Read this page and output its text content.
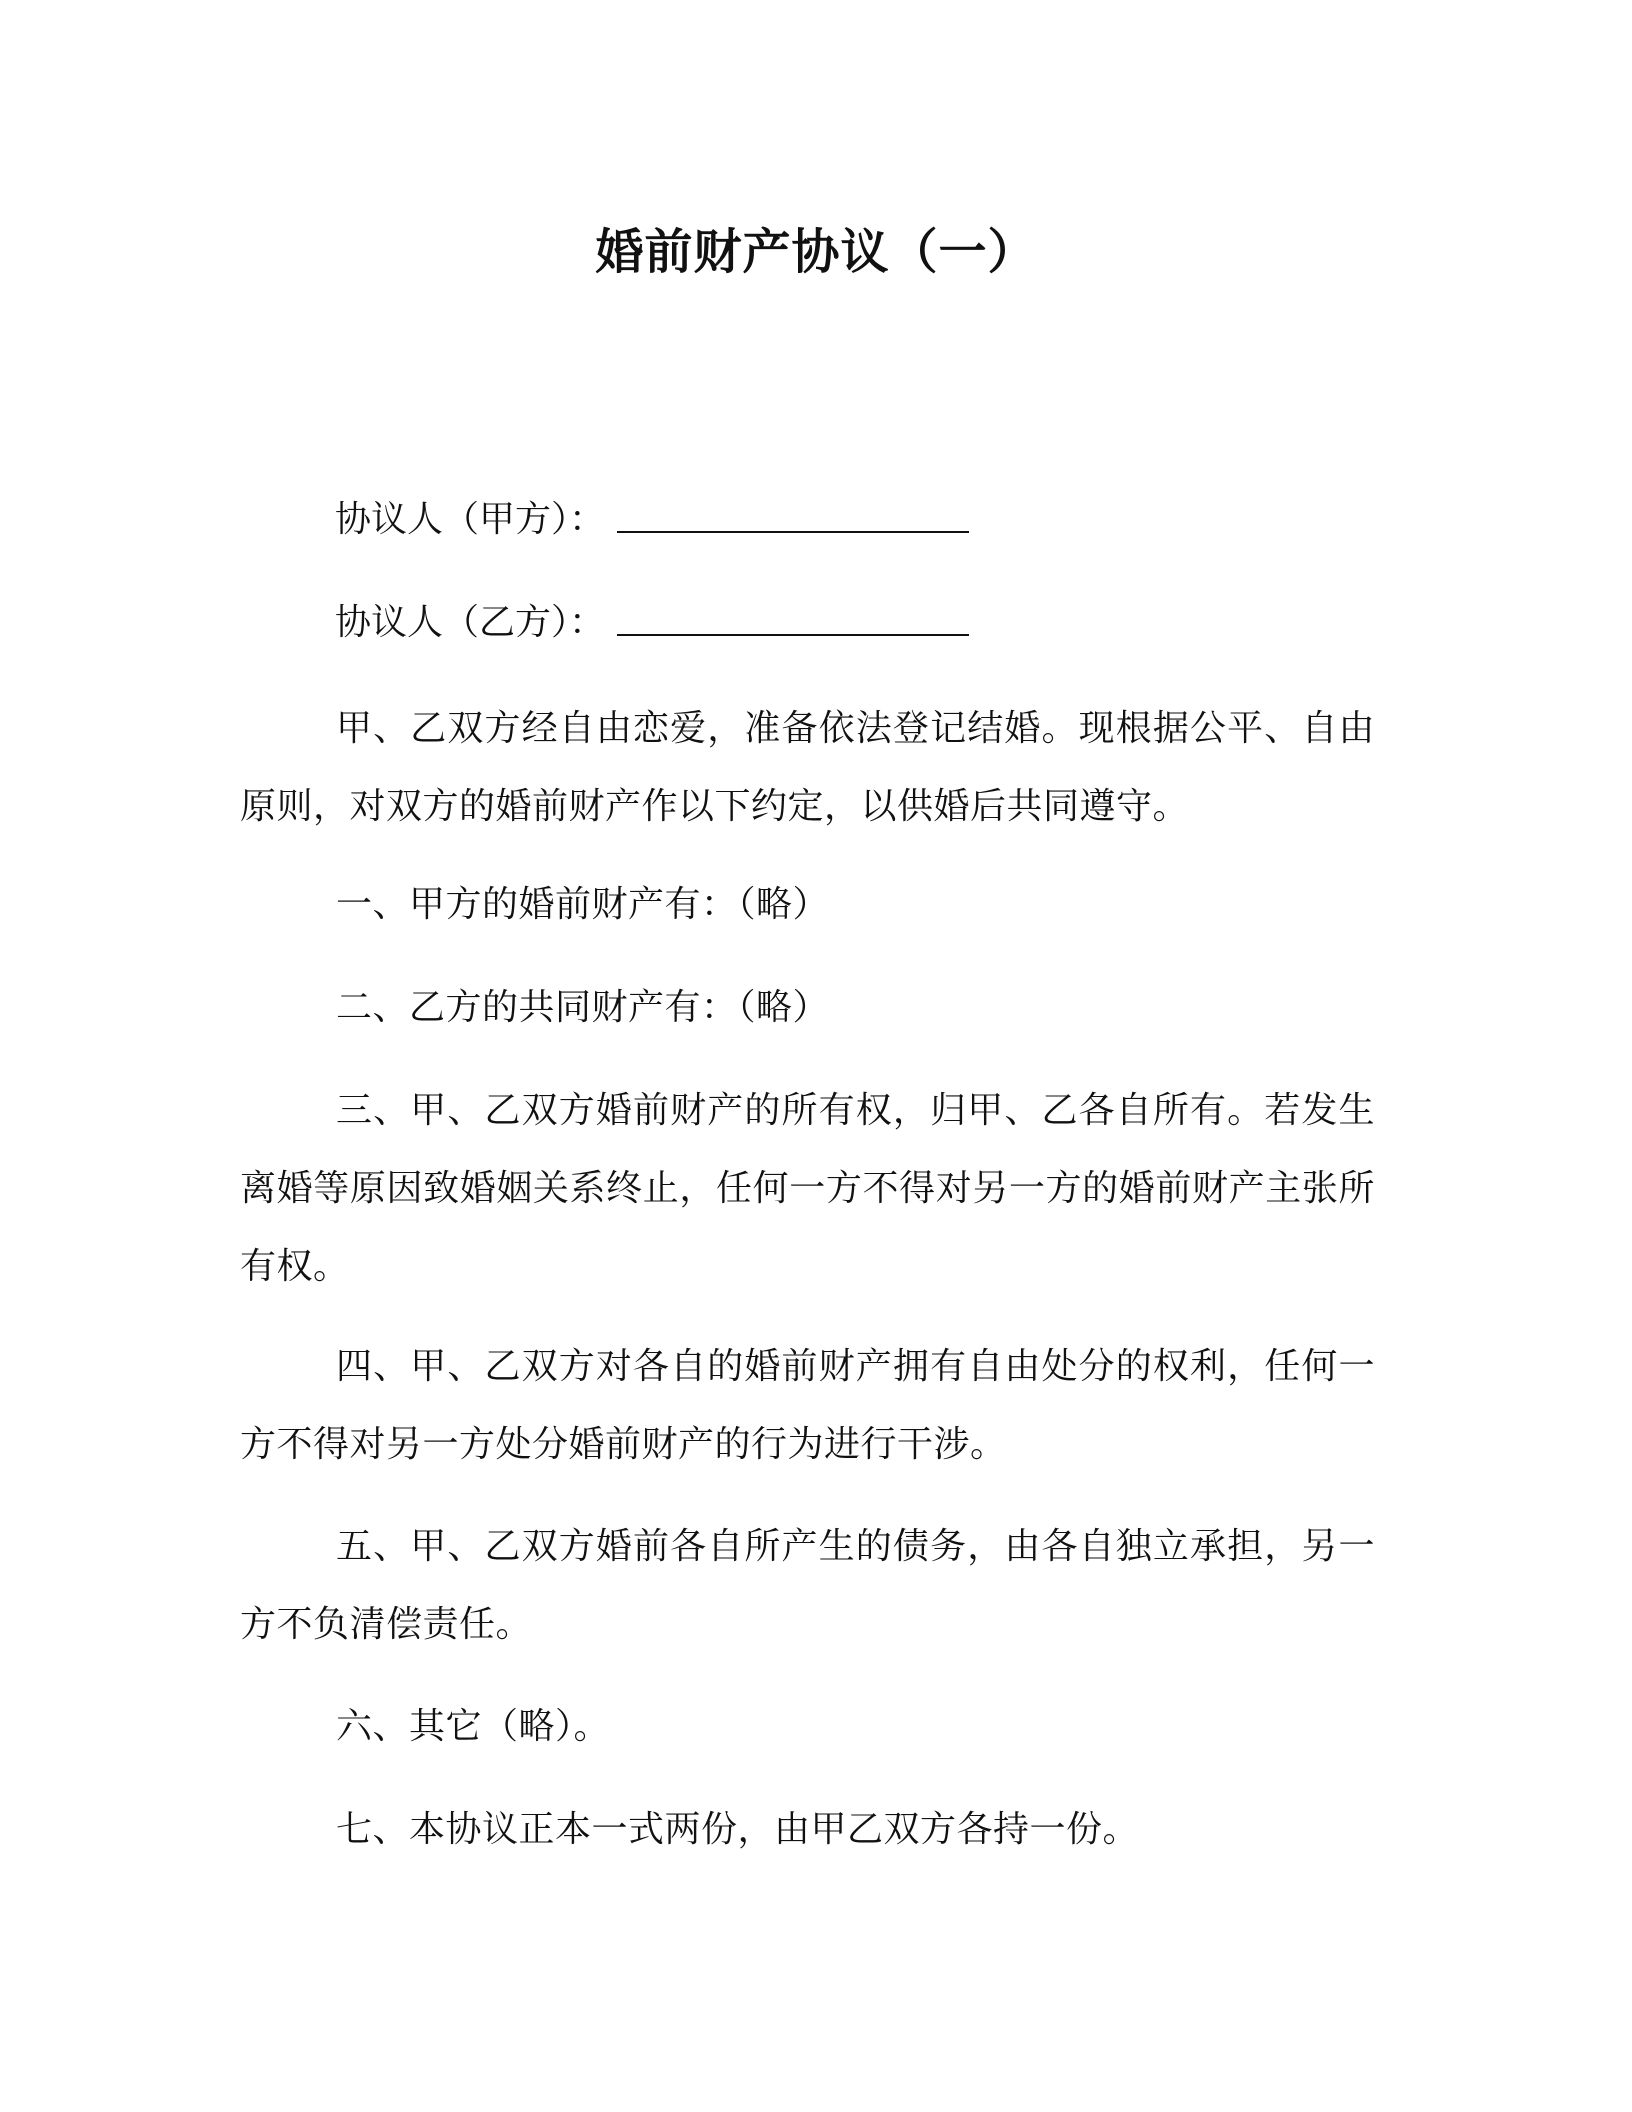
婚前财产协议（一）
协议人（甲方）：
协议人（乙方）：
甲、乙双方经自由恋爱，准备依法登记结婚。现根据公平、自由原则，对双方的婚前财产作以下约定，以供婚后共同遵守。
一、甲方的婚前财产有：（略）
二、乙方的共同财产有：（略）
三、甲、乙双方婚前财产的所有权，归甲、乙各自所有。若发生离婚等原因致婚姻关系终止，任何一方不得对另一方的婚前财产主张所有权。
四、甲、乙双方对各自的婚前财产拥有自由处分的权利，任何一方不得对另一方处分婚前财产的行为进行干涉。
五、甲、乙双方婚前各自所产生的债务，由各自独立承担，另一方不负清偿责任。
六、其它（略）。
七、本协议正本一式两份，由甲乙双方各持一份。
